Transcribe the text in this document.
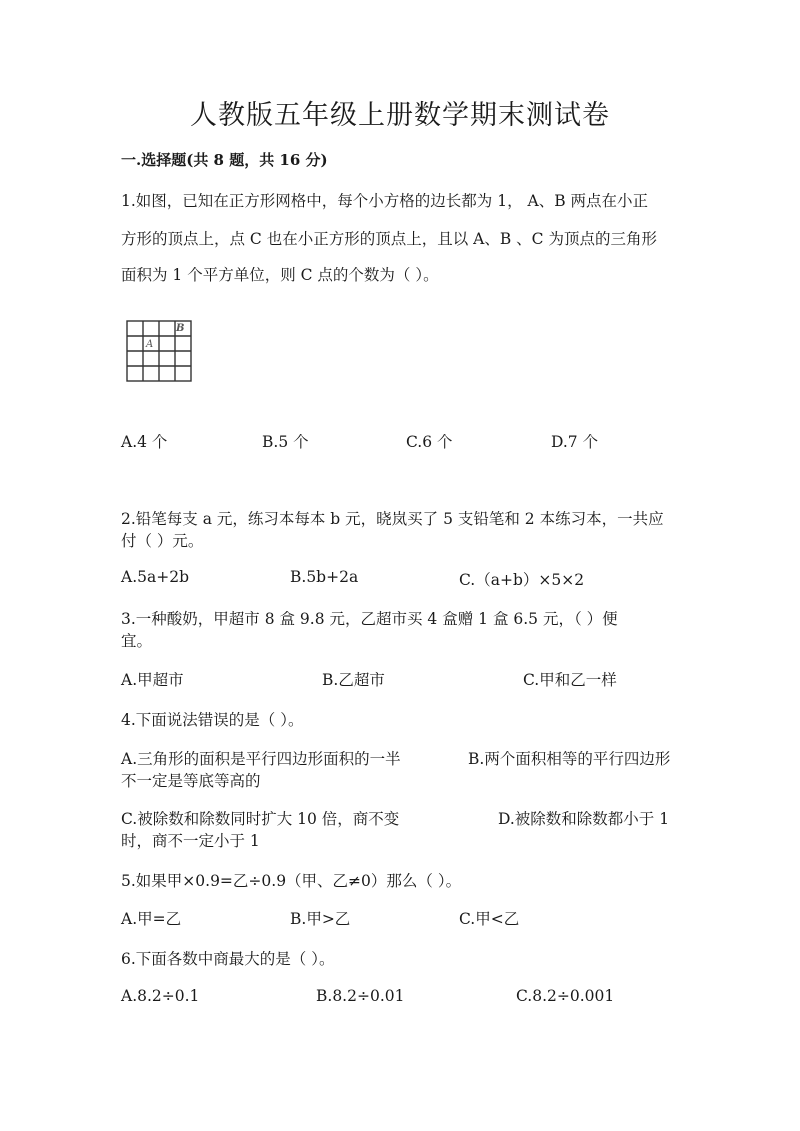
人教版五年级上册数学期末测试卷
一.选择题(共 8 题，共 16 分)
1.如图，已知在正方形网格中，每个小方格的边长都为 1， A、B 两点在小正
方形的顶点上，点 C 也在小正方形的顶点上，且以 A、B 、C 为顶点的三角形
面积为 1 个平方单位，则 C 点的个数为（ ）。
A
B
A.4 个	B.5 个	C.6 个	D.7 个
2.铅笔每支 a 元，练习本每本 b 元，晓岚买了 5 支铅笔和 2 本练习本，一共应
付（ ）元。
A.5a+2b	B.5b+2a	C.（a+b）×5×2
3.一种酸奶，甲超市 8 盒 9.8 元，乙超市买 4 盒赠 1 盒 6.5 元，（ ）便
宜。
A.甲超市	B.乙超市	C.甲和乙一样
4.下面说法错误的是（ ）。
A.三角形的面积是平行四边形面积的一半	B.两个面积相等的平行四边形
不一定是等底等高的
C.被除数和除数同时扩大 10 倍，商不变	D.被除数和除数都小于 1
时，商不一定小于 1
5.如果甲×0.9=乙÷0.9（甲、乙≠0）那么（ ）。
A.甲=乙	B.甲>乙	C.甲<乙
6.下面各数中商最大的是（ ）。
A.8.2÷0.1	B.8.2÷0.01	C.8.2÷0.001
